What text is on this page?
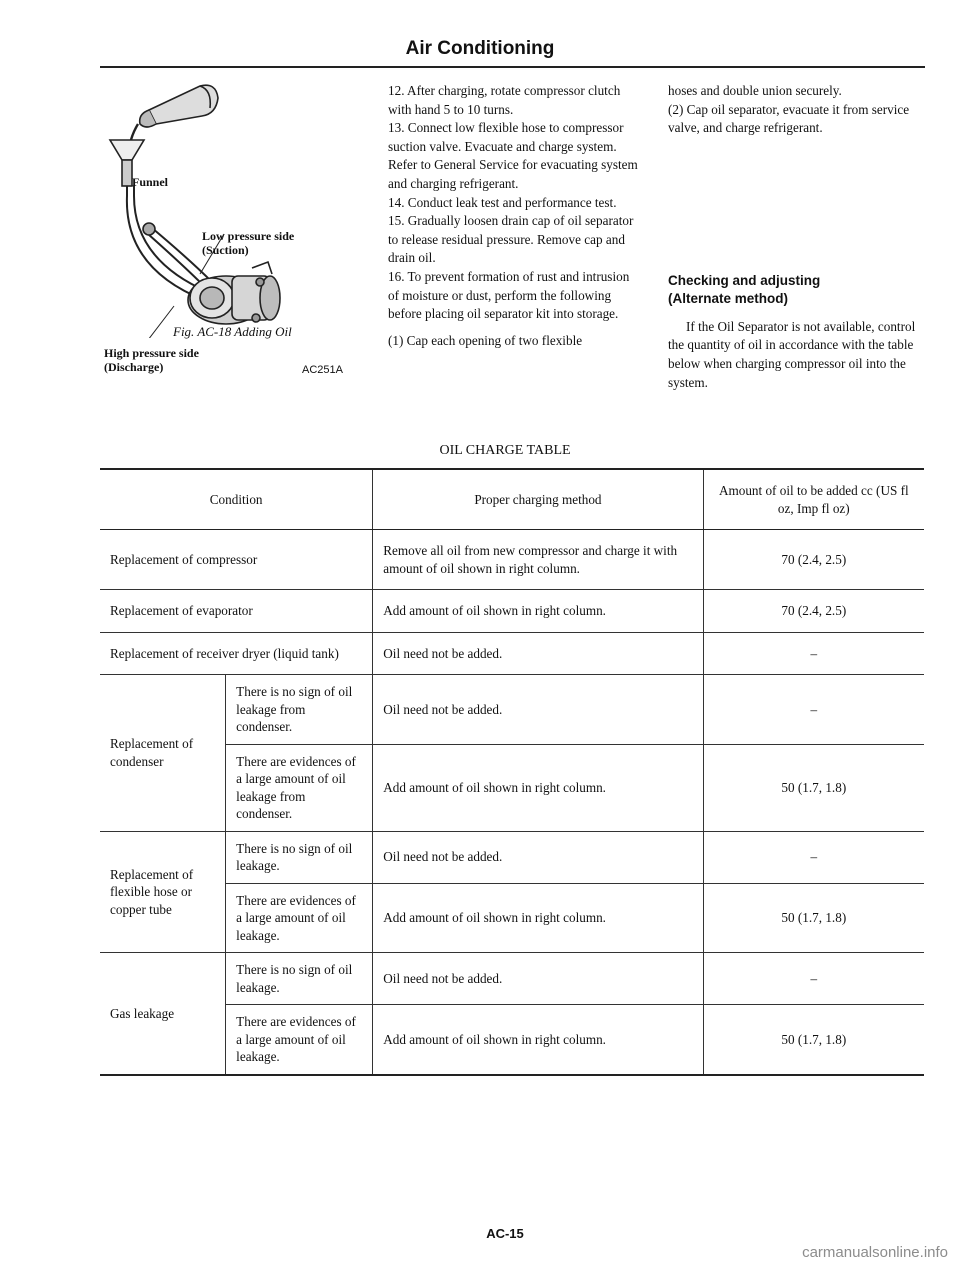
Air Conditioning
Funnel
Low pressure side
(Suction)
High pressure side
(Discharge)	AC251A
Fig. AC-18 Adding Oil

12. After charging, rotate compressor clutch with hand 5 to 10 turns.

13. Connect low flexible hose to compressor suction valve. Evacuate and charge system. Refer to General Service for evacuating system and charging refrigerant.

14. Conduct leak test and performance test.

15. Gradually loosen drain cap of oil separator to release residual pressure. Remove cap and drain oil.

16. To prevent formation of rust and intrusion of moisture or dust, perform the following before placing oil separator kit into storage.

(1) Cap each opening of two flexible

hoses and double union securely.

(2) Cap oil separator, evacuate it from service valve, and charge refrigerant.

Checking and adjusting
(Alternate method)

If the Oil Separator is not available, control the quantity of oil in accordance with the table below when charging compressor oil into the system.

OIL CHARGE TABLE
Condition		Proper charging method	Amount of oil to be added cc (US fl oz, Imp fl oz)
Replacement of compressor		Remove all oil from new compressor and charge it with amount of oil shown in right column.	70 (2.4, 2.5)
Replacement of evaporator		Add amount of oil shown in right column.	70 (2.4, 2.5)
Replacement of receiver dryer (liquid tank)		Oil need not be added.	–
Replacement of condenser	There is no sign of oil leakage from condenser.	Oil need not be added.	–
	There are evidences of a large amount of oil leakage from condenser.	Add amount of oil shown in right column.	50 (1.7, 1.8)
Replacement of flexible hose or copper tube	There is no sign of oil leakage.	Oil need not be added.	–
	There are evidences of a large amount of oil leakage.	Add amount of oil shown in right column.	50 (1.7, 1.8)
Gas leakage	There is no sign of oil leakage.	Oil need not be added.	–
	There are evidences of a large amount of oil leakage.	Add amount of oil shown in right column.	50 (1.7, 1.8)
AC-15
carmanualsonline.info
